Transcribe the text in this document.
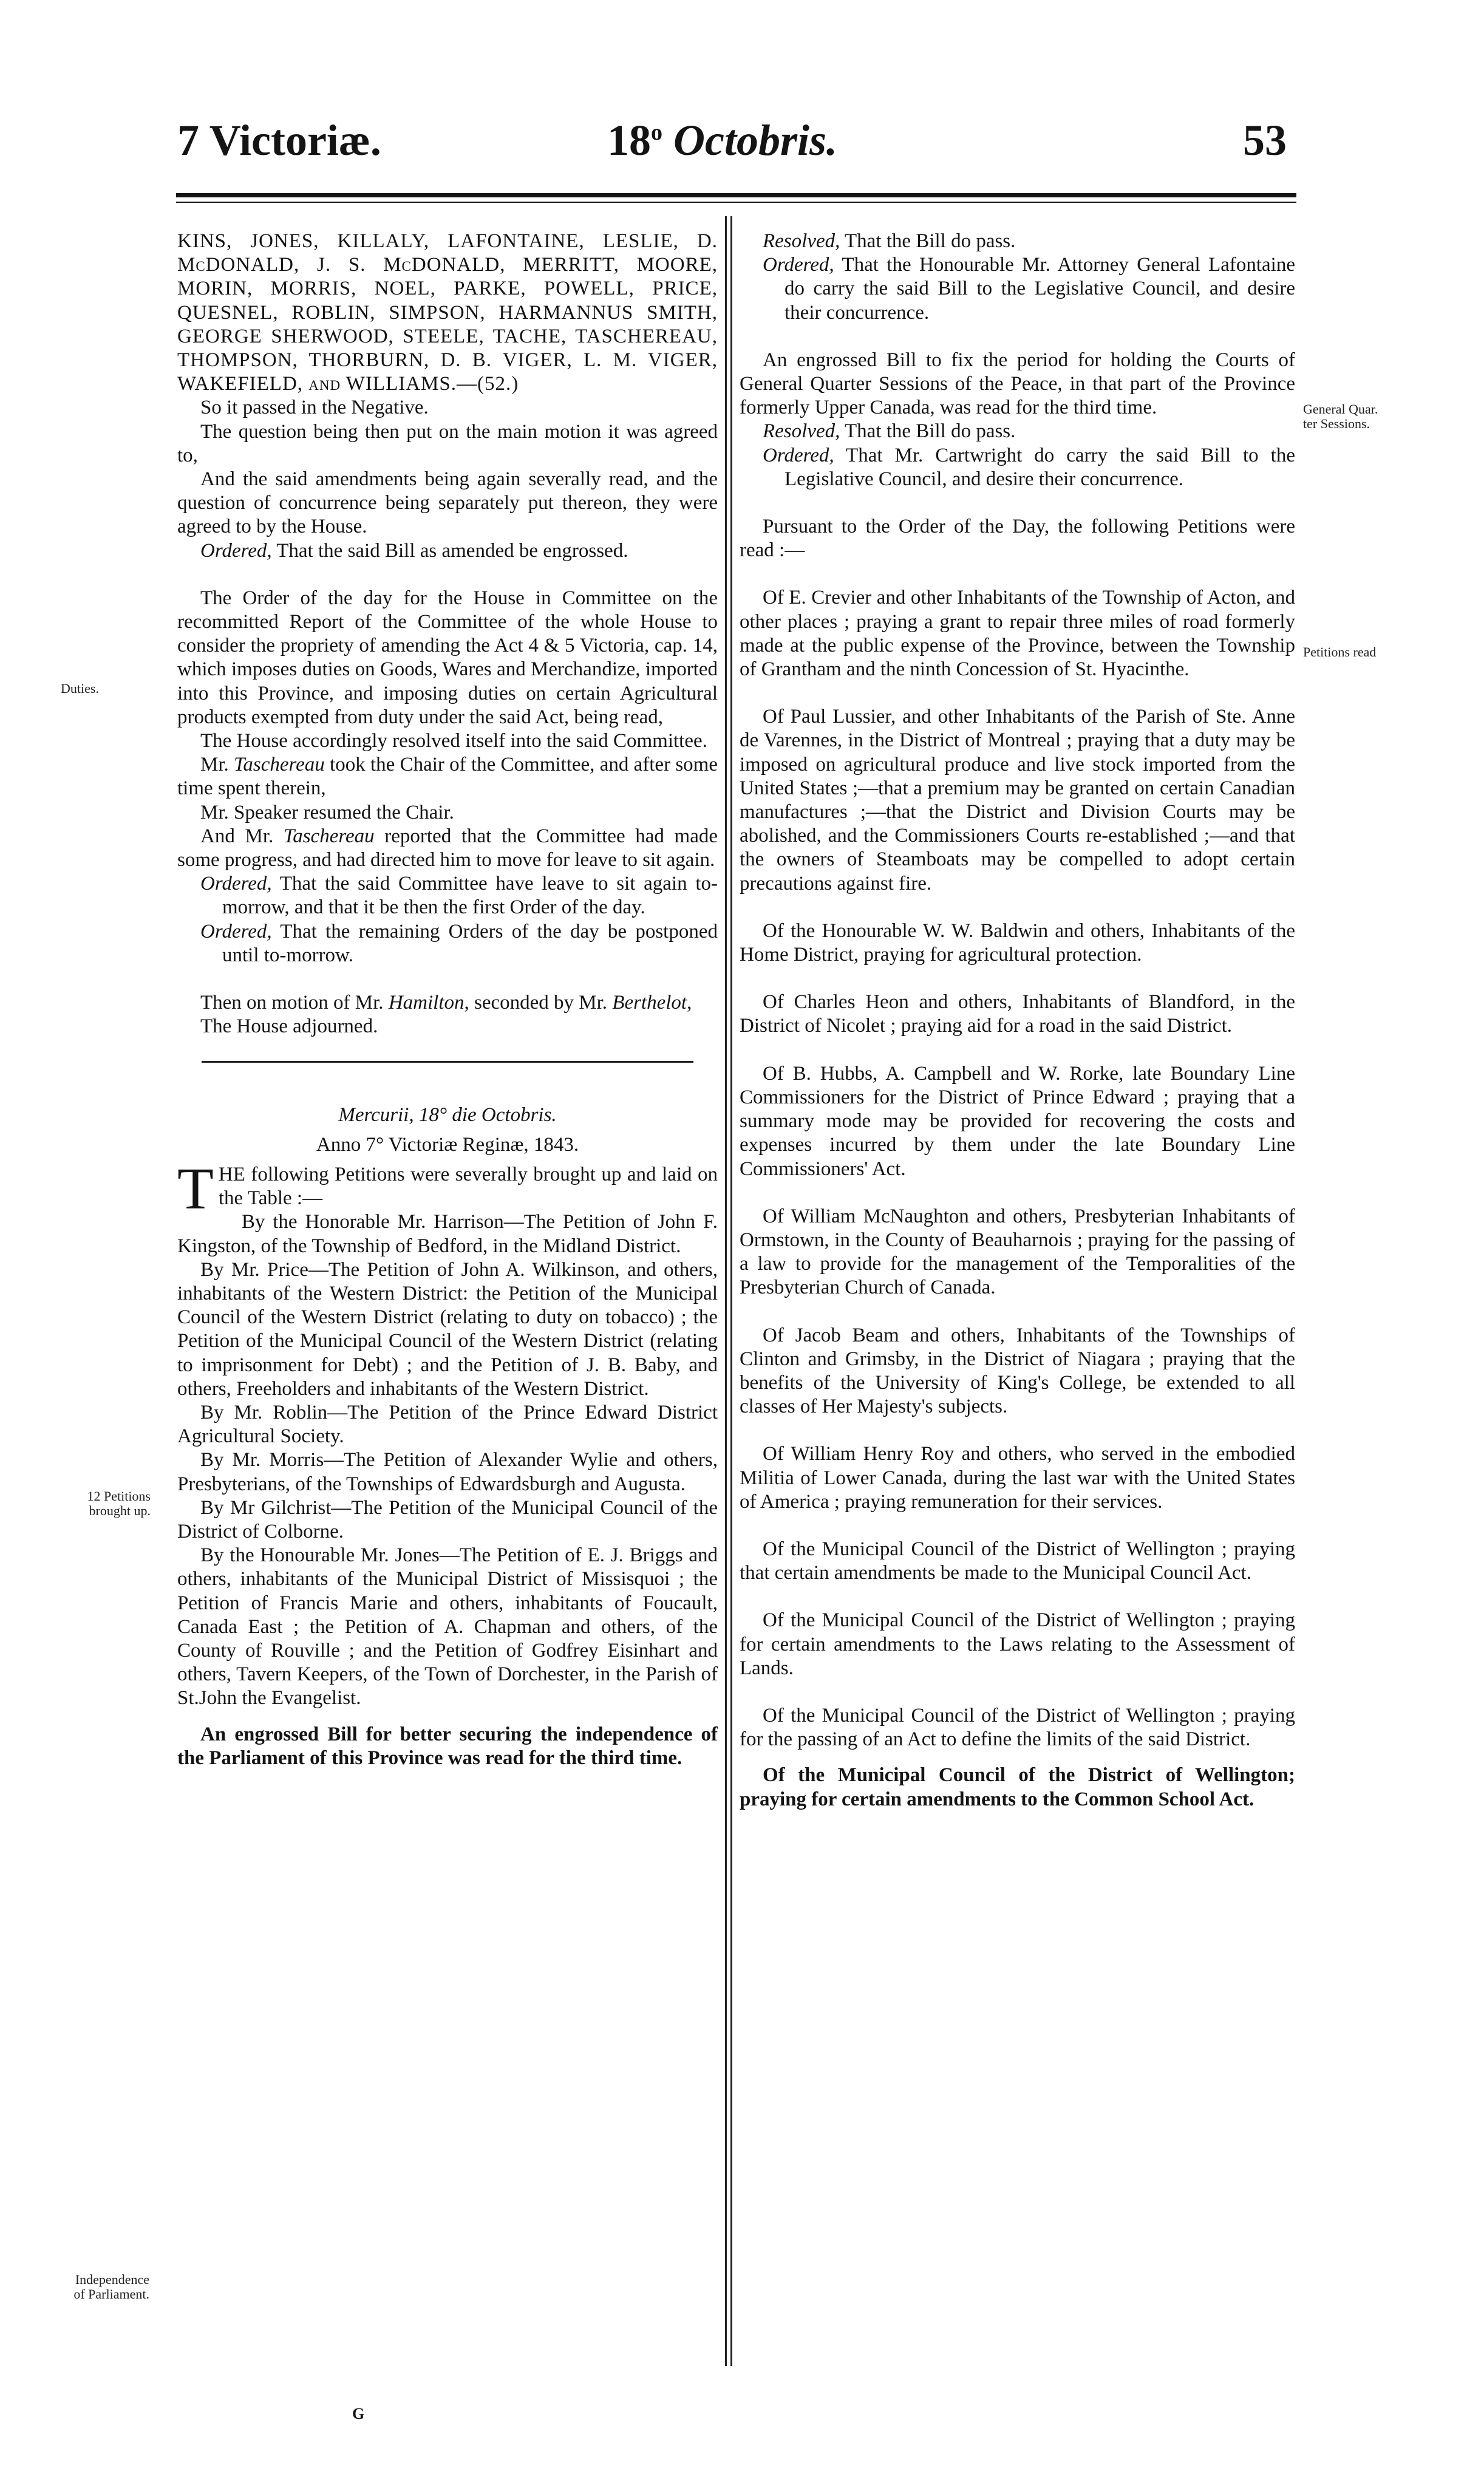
7 Victoriæ.	18$^o$ Octobris.	53
Duties.
12 Petitions
brought up.
Independence
of Parliament.
General Quar.
ter Sessions.
Petitions read

KINS, JONES, KILLALY, LAFONTAINE, LESLIE, D. McDONALD, J. S. McDONALD, MERRITT, MOORE, MORIN, MORRIS, NOEL, PARKE, POWELL, PRICE, QUESNEL, ROBLIN, SIMPSON, HARMANNUS SMITH, GEORGE SHERWOOD, STEELE, TACHE, TASCHEREAU, THOMPSON, THORBURN, D. B. VIGER, L. M. VIGER, WAKEFIELD, and WILLIAMS.—(52.)

So it passed in the Negative.

The question being then put on the main motion it was agreed to,

And the said amendments being again severally read, and the question of concurrence being separately put thereon, they were agreed to by the House.

Ordered, That the said Bill as amended be engrossed.

The Order of the day for the House in Committee on the recommitted Report of the Committee of the whole House to consider the propriety of amending the Act 4 & 5 Victoria, cap. 14, which imposes duties on Goods, Wares and Merchandize, imported into this Province, and imposing duties on certain Agricultural products exempted from duty under the said Act, being read,

The House accordingly resolved itself into the said Committee.

Mr. Taschereau took the Chair of the Committee, and after some time spent therein,

Mr. Speaker resumed the Chair.

And Mr. Taschereau reported that the Committee had made some progress, and had directed him to move for leave to sit again.

Ordered, That the said Committee have leave to sit again to-morrow, and that it be then the first Order of the day.

Ordered, That the remaining Orders of the day be postponed until to-morrow.

Then on motion of Mr. Hamilton, seconded by Mr. Berthelot,

The House adjourned.

Mercurii, 18° die Octobris.

Anno 7° Victoriæ Reginæ, 1843.

THE following Petitions were severally brought up and laid on the Table :—

By the Honorable Mr. Harrison—The Petition of John F. Kingston, of the Township of Bedford, in the Midland District.

By Mr. Price—The Petition of John A. Wilkinson, and others, inhabitants of the Western District: the Petition of the Municipal Council of the Western District (relating to duty on tobacco) ; the Petition of the Municipal Council of the Western District (relating to imprisonment for Debt) ; and the Petition of J. B. Baby, and others, Freeholders and inhabitants of the Western District.

By Mr. Roblin—The Petition of the Prince Edward District Agricultural Society.

By Mr. Morris—The Petition of Alexander Wylie and others, Presbyterians, of the Townships of Edwardsburgh and Augusta.

By Mr Gilchrist—The Petition of the Municipal Council of the District of Colborne.

By the Honourable Mr. Jones—The Petition of E. J. Briggs and others, inhabitants of the Municipal District of Missisquoi ; the Petition of Francis Marie and others, inhabitants of Foucault, Canada East ; the Petition of A. Chapman and others, of the County of Rouville ; and the Petition of Godfrey Eisinhart and others, Tavern Keepers, of the Town of Dorchester, in the Parish of St.John the Evangelist.

An engrossed Bill for better securing the independence of the Parliament of this Province was read for the third time.

Resolved, That the Bill do pass.

Ordered, That the Honourable Mr. Attorney General Lafontaine do carry the said Bill to the Legislative Council, and desire their concurrence.

An engrossed Bill to fix the period for holding the Courts of General Quarter Sessions of the Peace, in that part of the Province formerly Upper Canada, was read for the third time.

Resolved, That the Bill do pass.

Ordered, That Mr. Cartwright do carry the said Bill to the Legislative Council, and desire their concurrence.

Pursuant to the Order of the Day, the following Petitions were read :—

Of E. Crevier and other Inhabitants of the Township of Acton, and other places ; praying a grant to repair three miles of road formerly made at the public expense of the Province, between the Township of Grantham and the ninth Concession of St. Hyacinthe.

Of Paul Lussier, and other Inhabitants of the Parish of Ste. Anne de Varennes, in the District of Montreal ; praying that a duty may be imposed on agricultural produce and live stock imported from the United States ;—that a premium may be granted on certain Canadian manufactures ;—that the District and Division Courts may be abolished, and the Commissioners Courts re-established ;—and that the owners of Steamboats may be compelled to adopt certain precautions against fire.

Of the Honourable W. W. Baldwin and others, Inhabitants of the Home District, praying for agricultural protection.

Of Charles Heon and others, Inhabitants of Blandford, in the District of Nicolet ; praying aid for a road in the said District.

Of B. Hubbs, A. Campbell and W. Rorke, late Boundary Line Commissioners for the District of Prince Edward ; praying that a summary mode may be provided for recovering the costs and expenses incurred by them under the late Boundary Line Commissioners' Act.

Of William McNaughton and others, Presbyterian Inhabitants of Ormstown, in the County of Beauharnois ; praying for the passing of a law to provide for the management of the Temporalities of the Presbyterian Church of Canada.

Of Jacob Beam and others, Inhabitants of the Townships of Clinton and Grimsby, in the District of Niagara ; praying that the benefits of the University of King's College, be extended to all classes of Her Majesty's subjects.

Of William Henry Roy and others, who served in the embodied Militia of Lower Canada, during the last war with the United States of America ; praying remuneration for their services.

Of the Municipal Council of the District of Wellington ; praying that certain amendments be made to the Municipal Council Act.

Of the Municipal Council of the District of Wellington ; praying for certain amendments to the Laws relating to the Assessment of Lands.

Of the Municipal Council of the District of Wellington ; praying for the passing of an Act to define the limits of the said District.

Of the Municipal Council of the District of Wellington; praying for certain amendments to the Common School Act.

G
